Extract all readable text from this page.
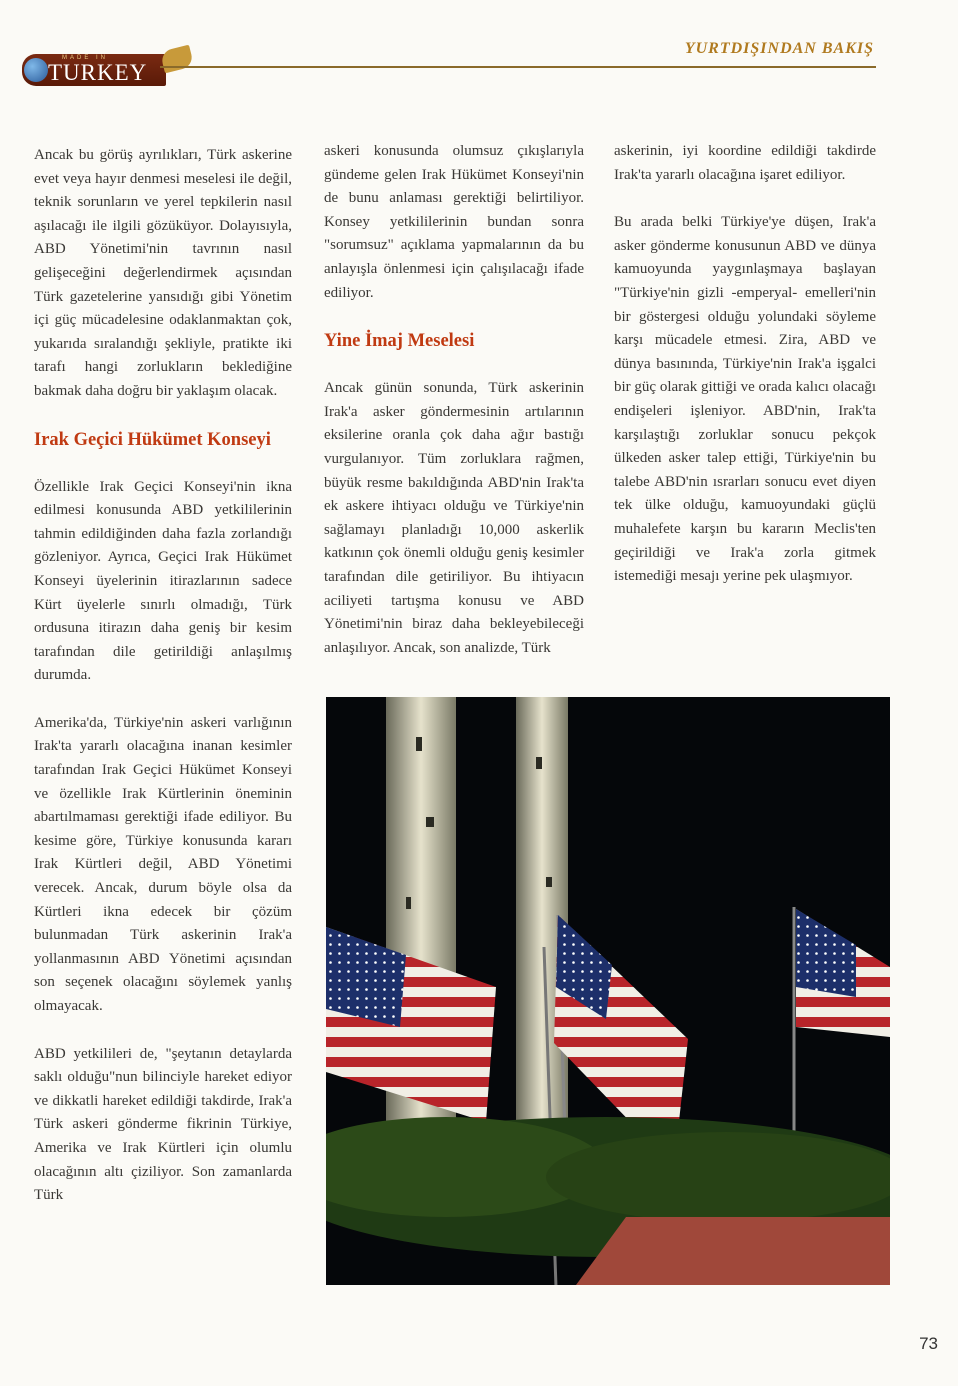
MADE IN
TURKEY
YURTDIŞINDAN BAKIŞ

Ancak bu görüş ayrılıkları, Türk askerine evet veya hayır denmesi meselesi ile değil, teknik sorunların ve yerel tepkilerin nasıl aşılacağı ile ilgili gözüküyor. Dolayısıyla, ABD Yönetimi'nin tavrının nasıl gelişeceğini değerlendirmek açısından Türk gazetelerine yansıdığı gibi Yönetim içi güç mücadelesine odaklanmaktan çok, yukarıda sıralandığı şekliyle, pratikte iki tarafı hangi zorlukların beklediğine bakmak daha doğru bir yaklaşım olacak.

Irak Geçici Hükümet Konseyi

Özellikle Irak Geçici Konseyi'nin ikna edilmesi konusunda ABD yetkililerinin tahmin edildiğinden daha fazla zorlandığı gözleniyor. Ayrıca, Geçici Irak Hükümet Konseyi üyelerinin itirazlarının sadece Kürt üyelerle sınırlı olmadığı, Türk ordusuna itirazın daha geniş bir kesim tarafından dile getirildiği anlaşılmış durumda.

Amerika'da, Türkiye'nin askeri varlığının Irak'ta yararlı olacağına inanan kesimler tarafından Irak Geçici Hükümet Konseyi ve özellikle Irak Kürtlerinin öneminin abartılmaması gerektiği ifade ediliyor. Bu kesime göre, Türkiye konusunda kararı Irak Kürtleri değil, ABD Yönetimi verecek. Ancak, durum böyle olsa da Kürtleri ikna edecek bir çözüm bulunmadan Türk askerinin Irak'a yollanmasının ABD Yönetimi açısından son seçenek olacağını söylemek yanlış olmayacak.

ABD yetkilileri de, "şeytanın detaylarda saklı olduğu"nun bilinciyle hareket ediyor ve dikkatli hareket edildiği takdirde, Irak'a Türk askeri gönderme fikrinin Türkiye, Amerika ve Irak Kürtleri için olumlu olacağının altı çiziliyor. Son zamanlarda Türk

askeri konusunda olumsuz çıkışlarıyla gündeme gelen Irak Hükümet Konseyi'nin de bunu anlaması gerektiği belirtiliyor. Konsey yetkililerinin bundan sonra "sorumsuz" açıklama yapmalarının da bu anlayışla önlenmesi için çalışılacağı ifade ediliyor.

Yine İmaj Meselesi

Ancak günün sonunda, Türk askerinin Irak'a asker göndermesinin artılarının eksilerine oranla çok daha ağır bastığı vurgulanıyor. Tüm zorluklara rağmen, büyük resme bakıldığında ABD'nin Irak'ta ek askere ihtiyacı olduğu ve Türkiye'nin sağlamayı planladığı 10,000 askerlik katkının çok önemli olduğu geniş kesimler tarafından dile getiriliyor. Bu ihtiyacın aciliyeti tartışma konusu ve ABD Yönetimi'nin biraz daha bekleyebileceği anlaşılıyor. Ancak, son analizde, Türk

askerinin, iyi koordine edildiği takdirde Irak'ta yararlı olacağına işaret ediliyor.

Bu arada belki Türkiye'ye düşen, Irak'a asker gönderme konusunun ABD ve dünya kamuoyunda yaygınlaşmaya başlayan "Türkiye'nin gizli -emperyal- emelleri'nin bir göstergesi olduğu yolundaki söyleme karşı mücadele etmesi. Zira, ABD ve dünya basınında, Türkiye'nin Irak'a işgalci bir güç olarak gittiği ve orada kalıcı olacağı endişeleri işleniyor. ABD'nin, Irak'ta karşılaştığı zorluklar sonucu pekçok ülkeden asker talep ettiği, Türkiye'nin bu talebe ABD'nin ısrarları sonucu evet diyen tek ülke olduğu, kamuoyundaki güçlü muhalefete karşın bu kararın Meclis'ten geçirildiği ve Irak'a zorla gitmek istemediği mesajı yerine pek ulaşmıyor.

73
